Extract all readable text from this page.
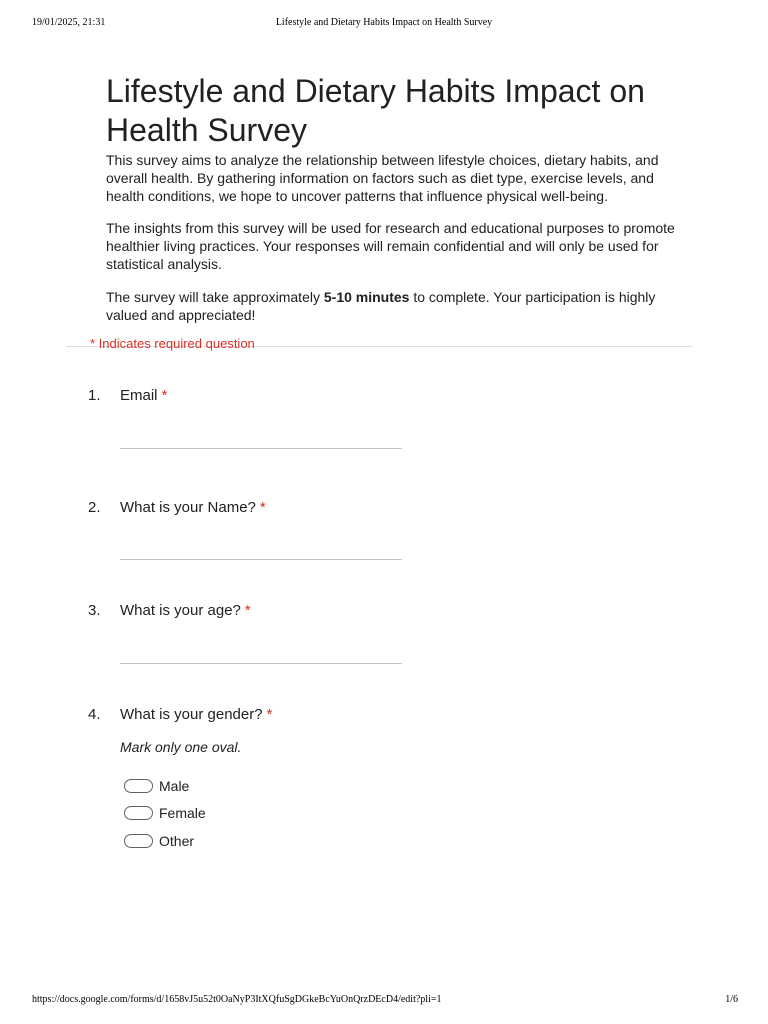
19/01/2025, 21:31	Lifestyle and Dietary Habits Impact on Health Survey
Lifestyle and Dietary Habits Impact on Health Survey

This survey aims to analyze the relationship between lifestyle choices, dietary habits, and overall health. By gathering information on factors such as diet type, exercise levels, and health conditions, we hope to uncover patterns that influence physical well-being.

The insights from this survey will be used for research and educational purposes to promote healthier living practices. Your responses will remain confidential and will only be used for statistical analysis.

The survey will take approximately 5-10 minutes to complete. Your participation is highly valued and appreciated!

* Indicates required question
1. Email *
2. What is your Name? *
3. What is your age? *
4. What is your gender? *
Mark only one oval.
Male
Female
Other
https://docs.google.com/forms/d/1658vJ5u52t0OaNyP3ItXQfuSgDGkeBcYuOnQrzDEcD4/edit?pli=1	1/6
